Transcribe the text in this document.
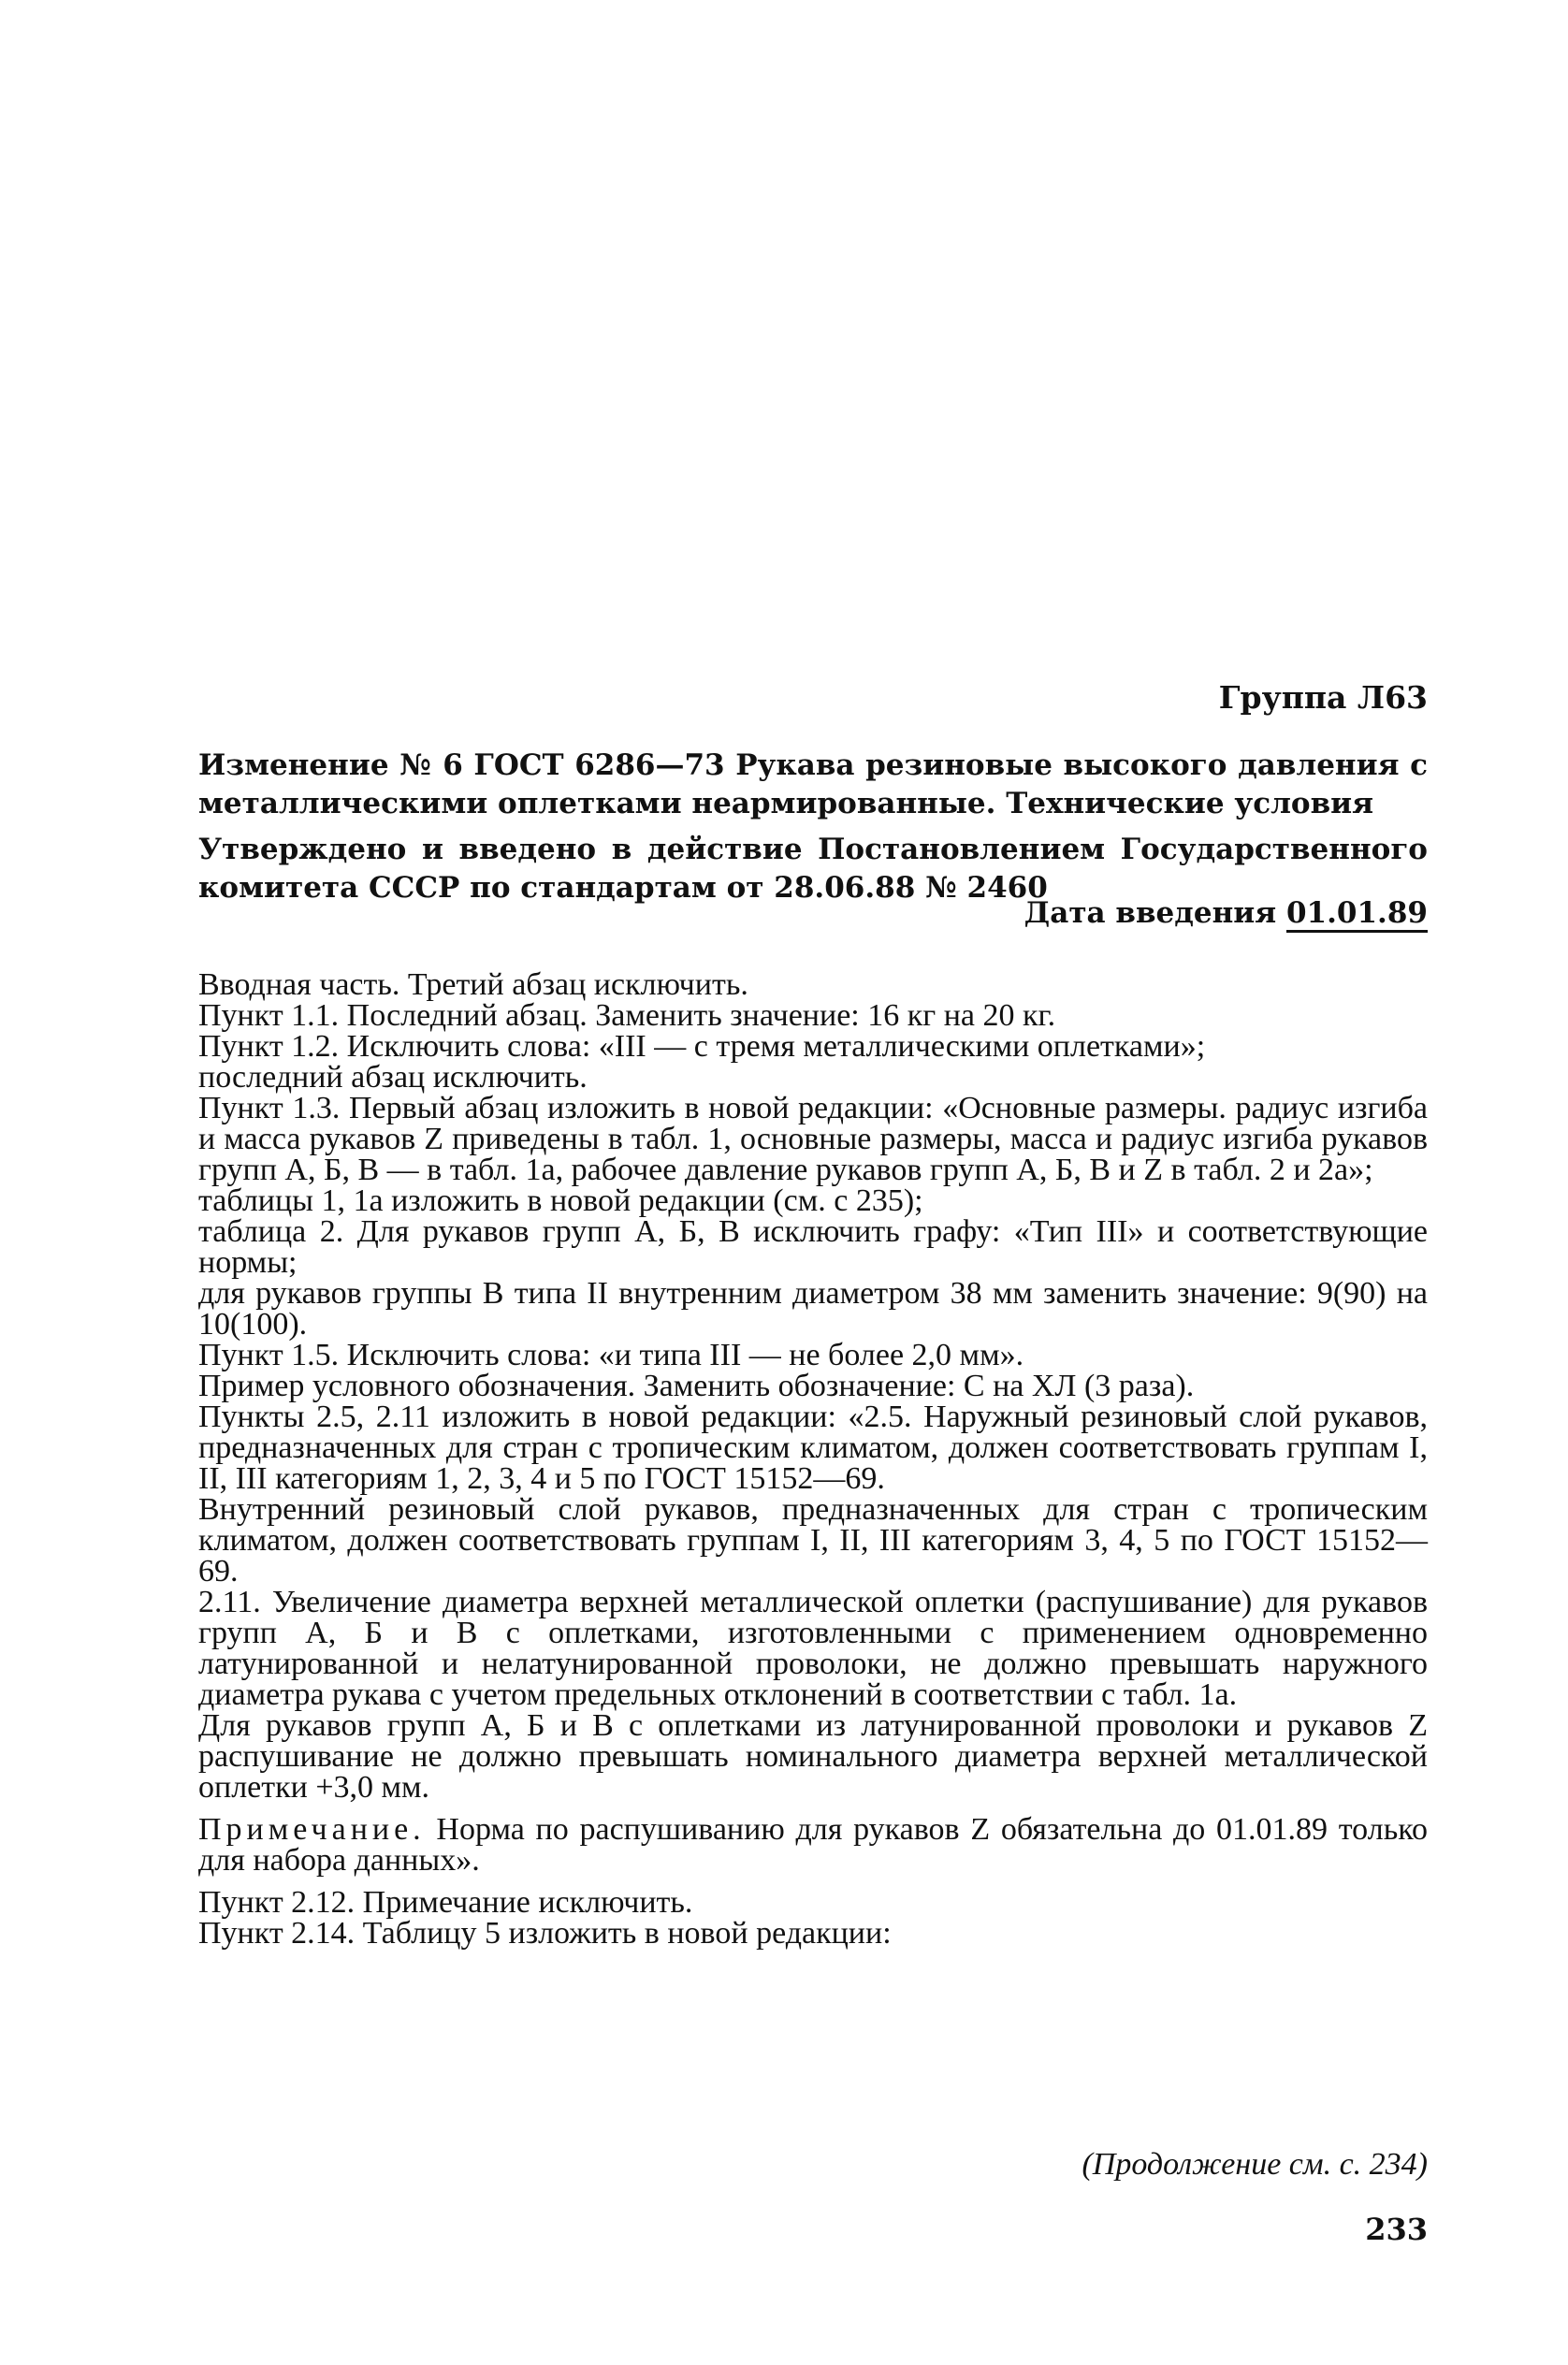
Группа Л63
Изменение № 6 ГОСТ 6286—73 Рукава резиновые высокого давления с металлическими оплетками неармированные. Технические условия
Утверждено и введено в действие Постановлением Государственного комитета СССР по стандартам от 28.06.88 № 2460
Дата введения 01.01.89

Вводная часть. Третий абзац исключить.

Пункт 1.1. Последний абзац. Заменить значение: 16 кг на 20 кг.

Пункт 1.2. Исключить слова: «III — с тремя металлическими оплетками»;

последний абзац исключить.

Пункт 1.3. Первый абзац изложить в новой редакции: «Основные размеры. радиус изгиба и масса рукавов Z приведены в табл. 1, основные размеры, масса и радиус изгиба рукавов групп А, Б, В — в табл. 1а, рабочее давление рукавов групп А, Б, В и Z в табл. 2 и 2а»;

таблицы 1, 1а изложить в новой редакции (см. с 235);

таблица 2. Для рукавов групп А, Б, В исключить графу: «Тип III» и соответствующие нормы;

для рукавов группы В типа II внутренним диаметром 38 мм заменить значение: 9(90) на 10(100).

Пункт 1.5. Исключить слова: «и типа III — не более 2,0 мм».

Пример условного обозначения. Заменить обозначение: С на ХЛ (3 раза).

Пункты 2.5, 2.11 изложить в новой редакции: «2.5. Наружный резиновый слой рукавов, предназначенных для стран с тропическим климатом, должен соответствовать группам I, II, III категориям 1, 2, 3, 4 и 5 по ГОСТ 15152—69.

Внутренний резиновый слой рукавов, предназначенных для стран с тропическим климатом, должен соответствовать группам I, II, III категориям 3, 4, 5 по ГОСТ 15152—69.

2.11. Увеличение диаметра верхней металлической оплетки (распушивание) для рукавов групп А, Б и В с оплетками, изготовленными с применением одновременно латунированной и нелатунированной проволоки, не должно превышать наружного диаметра рукава с учетом предельных отклонений в соответствии с табл. 1а.

Для рукавов групп А, Б и В с оплетками из латунированной проволоки и рукавов Z распушивание не должно превышать номинального диаметра верхней металлической оплетки +3,0 мм.

Примечание. Норма по распушиванию для рукавов Z обязательна до 01.01.89 только для набора данных».

Пункт 2.12. Примечание исключить.

Пункт 2.14. Таблицу 5 изложить в новой редакции:

(Продолжение см. с. 234)
233
